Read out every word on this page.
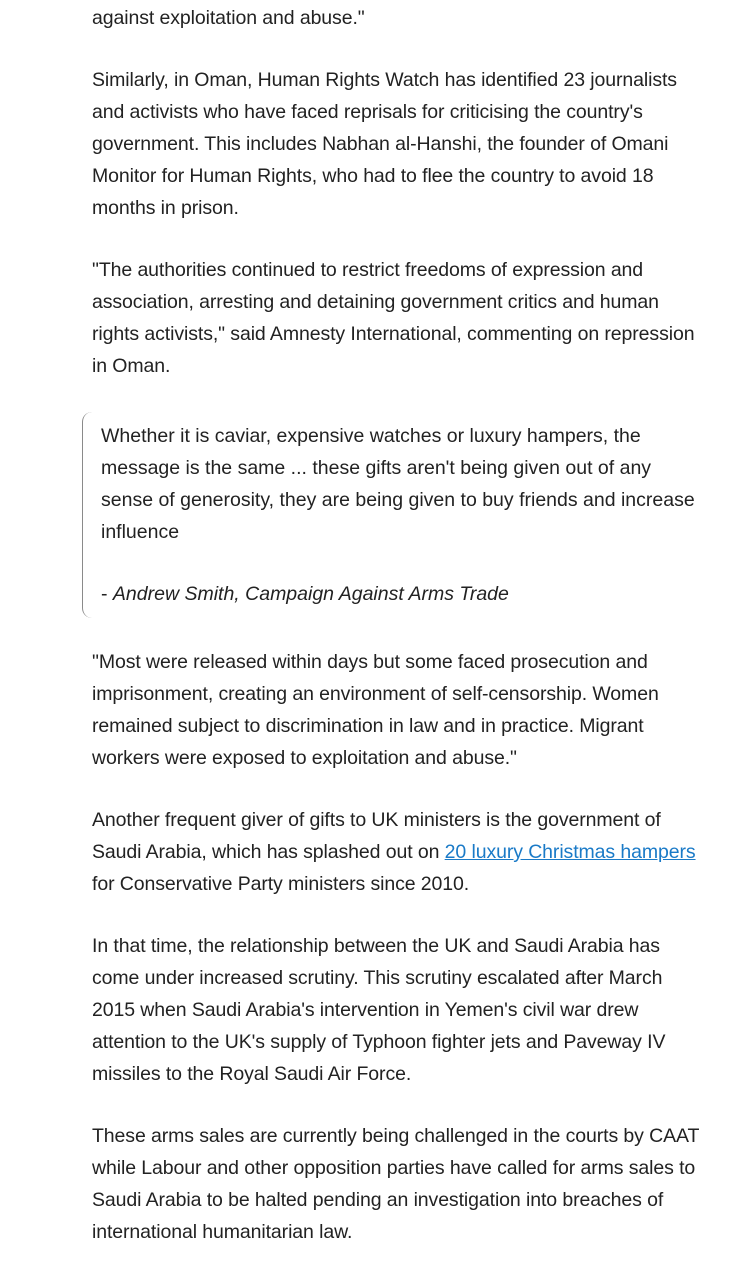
against exploitation and abuse."

Similarly, in Oman, Human Rights Watch has identified 23 journalists and activists who have faced reprisals for criticising the country's government. This includes Nabhan al-Hanshi, the founder of Omani Monitor for Human Rights, who had to flee the country to avoid 18 months in prison.

"The authorities continued to restrict freedoms of expression and association, arresting and detaining government critics and human rights activists," said Amnesty International, commenting on repression in Oman.

Whether it is caviar, expensive watches or luxury hampers, the message is the same ... these gifts aren't being given out of any sense of generosity, they are being given to buy friends and increase influence

- Andrew Smith, Campaign Against Arms Trade

"Most were released within days but some faced prosecution and imprisonment, creating an environment of self-censorship. Women remained subject to discrimination in law and in practice. Migrant workers were exposed to exploitation and abuse."

Another frequent giver of gifts to UK ministers is the government of Saudi Arabia, which has splashed out on 20 luxury Christmas hampers for Conservative Party ministers since 2010.

In that time, the relationship between the UK and Saudi Arabia has come under increased scrutiny. This scrutiny escalated after March 2015 when Saudi Arabia's intervention in Yemen's civil war drew attention to the UK's supply of Typhoon fighter jets and Paveway IV missiles to the Royal Saudi Air Force.

These arms sales are currently being challenged in the courts by CAAT while Labour and other opposition parties have called for arms sales to Saudi Arabia to be halted pending an investigation into breaches of international humanitarian law.
